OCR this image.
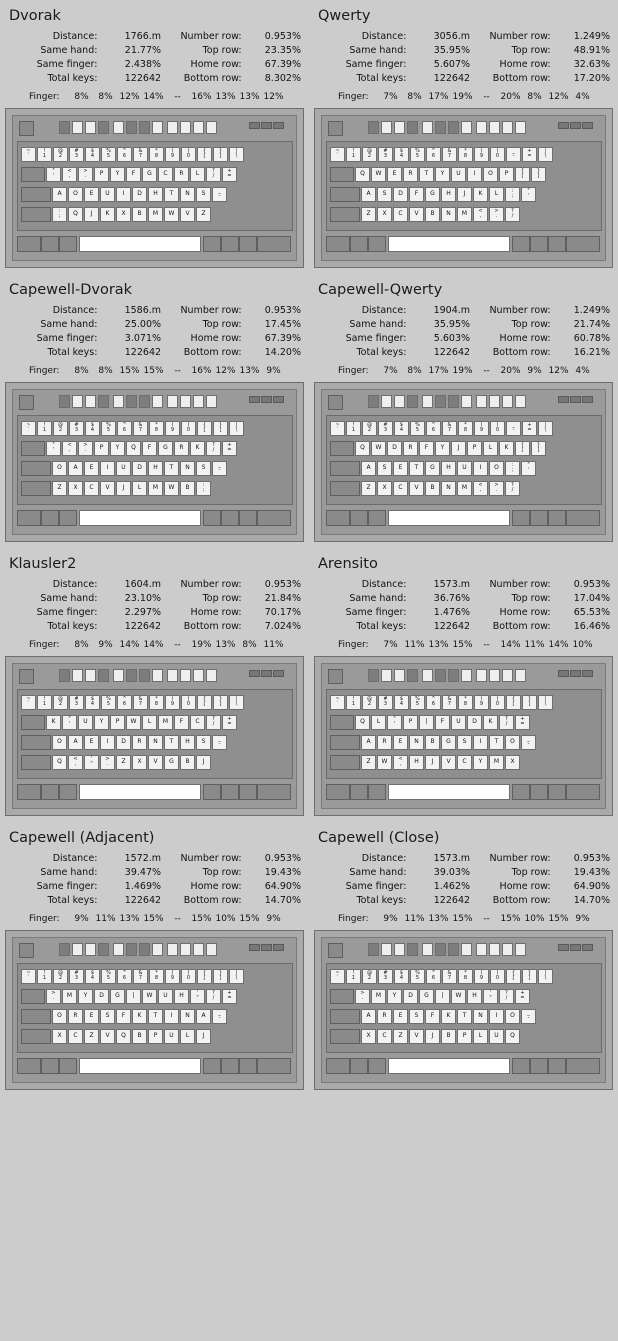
Dvorak
Distance:	1766.m	Number row:	0.953%
Same hand:	21.77%	Top row:	23.35%
Same finger:	2.438%	Home row:	67.39%
Total keys:	122642	Bottom row:	8.302%
Finger: 8% 8% 12% 14% -- 16% 13% 13% 12%
~
`
!
1
@
2
#
3
$
4
%
5
^
6
&
7
*
8
(
9
)
0
{
[
}
]
|
\
"
'
<
,
>
.	P	Y	F	G	C	R	L	?
/
+
=
A	O	E	U	I	D	H	T	N	S	_
-
:
;	Q	J	K	X	B	M	W	V	Z
Qwerty
Distance:	3056.m	Number row:	1.249%
Same hand:	35.95%	Top row:	48.91%
Same finger:	5.607%	Home row:	32.63%
Total keys:	122642	Bottom row:	17.20%
Finger: 7% 8% 17% 19% -- 20% 8% 12% 4%
~
`
!
1
@
2
#
3
$
4
%
5
^
6
&
7
*
8
(
9
)
0
_
-
+
=
|
\
Q	W	E	R	T	Y	U	I	O	P	{
[
}
]
A	S	D	F	G	H	J	K	L	:
;
"
'
Z	X	C	V	B	N	M	<
,
>
.
?
/
Capewell-Dvorak
Distance:	1586.m	Number row:	0.953%
Same hand:	25.00%	Top row:	17.45%
Same finger:	3.071%	Home row:	67.39%
Total keys:	122642	Bottom row:	14.20%
Finger: 8% 8% 15% 15% -- 16% 12% 13% 9%
~
`
!
1
@
2
#
3
$
4
%
5
^
6
&
7
*
8
(
9
)
0
{
[
}
]
|
\
"
'
<
,
>
.	P	Y	Q	F	G	R	K	?
/
+
=
O	A	E	I	U	D	H	T	N	S	_
-
Z	X	C	V	J	L	M	W	B	:
;
Capewell-Qwerty
Distance:	1904.m	Number row:	1.249%
Same hand:	35.95%	Top row:	21.74%
Same finger:	5.603%	Home row:	60.78%
Total keys:	122642	Bottom row:	16.21%
Finger: 7% 8% 17% 19% -- 20% 9% 12% 4%
~
`
!
1
@
2
#
3
$
4
%
5
^
6
&
7
*
8
(
9
)
0
_
-
+
=
|
\
Q	W	D	R	F	Y	J	P	L	K	{
[
}
]
A	S	E	T	G	H	U	I	O	:
;
"
'
Z	X	C	V	B	N	M	<
,
>
.
?
/
Klausler2
Distance:	1604.m	Number row:	0.953%
Same hand:	23.10%	Top row:	21.84%
Same finger:	2.297%	Home row:	70.17%
Total keys:	122642	Bottom row:	7.024%
Finger: 8% 9% 14% 14% -- 19% 13% 8% 11%
~
`
!
1
@
2
#
3
$
4
%
5
^
6
&
7
*
8
(
9
)
0
{
[
}
]
|
\
K	"
'	U	Y	P	W	L	M	F	C	?
/
+
=
O	A	E	I	D	R	N	T	H	S	_
-
Q	<
,
'
"
>
.	Z	X	V	G	B	J
Arensito
Distance:	1573.m	Number row:	0.953%
Same hand:	36.76%	Top row:	17.04%
Same finger:	1.476%	Home row:	65.53%
Total keys:	122642	Bottom row:	16.46%
Finger: 7% 11% 13% 15% -- 14% 11% 14% 10%
~
`
!
1
@
2
#
3
$
4
%
5
^
6
&
7
*
8
(
9
)
0
{
[
}
]
|
\
Q	L	"
'	P	|	F	U	D	K	?
/
+
=
A	R	E	N	B	G	S	I	T	O	_
-
Z	W	<
,	H	J	V	C	Y	M	X
Capewell (Adjacent)
Distance:	1572.m	Number row:	0.953%
Same hand:	39.47%	Top row:	19.43%
Same finger:	1.469%	Home row:	64.90%
Total keys:	122642	Bottom row:	14.70%
Finger: 9% 11% 13% 15% -- 15% 10% 15% 9%
~
`
!
1
@
2
#
3
$
4
%
5
^
6
&
7
*
8
(
9
)
0
{
[
}
]
|
\
>
.	M	Y	D	G	|	W	U	H	'
"
?
/
+
=
O	R	E	S	F	K	T	I	N	A	_
-
X	C	Z	V	Q	B	P	U	L	J
Capewell (Close)
Distance:	1573.m	Number row:	0.953%
Same hand:	39.03%	Top row:	19.43%
Same finger:	1.462%	Home row:	64.90%
Total keys:	122642	Bottom row:	14.70%
Finger: 9% 11% 13% 15% -- 15% 10% 15% 9%
~
`
!
1
@
2
#
3
$
4
%
5
^
6
&
7
*
8
(
9
)
0
{
[
}
]
|
\
>
.	M	Y	D	G	|	W	H	'
"
?
/
+
=
A	R	E	S	F	K	T	N	I	O	_
-
X	C	Z	V	J	B	P	L	U	Q
